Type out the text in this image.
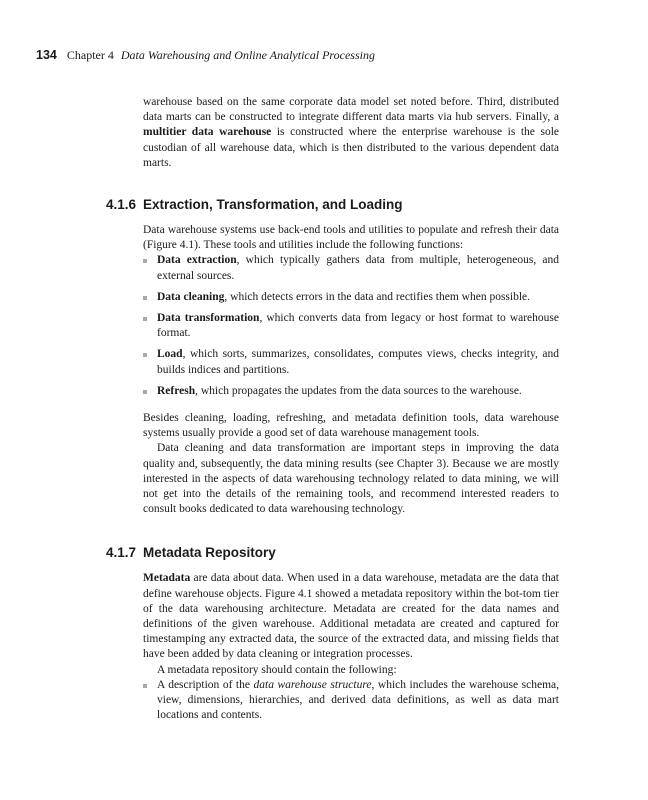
134 Chapter 4 Data Warehousing and Online Analytical Processing

warehouse based on the same corporate data model set noted before. Third, distributed data marts can be constructed to integrate different data marts via hub servers. Finally, a multitier data warehouse is constructed where the enterprise warehouse is the sole custodian of all warehouse data, which is then distributed to the various dependent data marts.

4.1.6 Extraction, Transformation, and Loading

Data warehouse systems use back-end tools and utilities to populate and refresh their data (Figure 4.1). These tools and utilities include the following functions:

Data extraction, which typically gathers data from multiple, heterogeneous, and external sources.
Data cleaning, which detects errors in the data and rectifies them when possible.
Data transformation, which converts data from legacy or host format to warehouse format.
Load, which sorts, summarizes, consolidates, computes views, checks integrity, and builds indices and partitions.
Refresh, which propagates the updates from the data sources to the warehouse.

Besides cleaning, loading, refreshing, and metadata definition tools, data warehouse systems usually provide a good set of data warehouse management tools.

Data cleaning and data transformation are important steps in improving the data quality and, subsequently, the data mining results (see Chapter 3). Because we are mostly interested in the aspects of data warehousing technology related to data mining, we will not get into the details of the remaining tools, and recommend interested readers to consult books dedicated to data warehousing technology.

4.1.7 Metadata Repository

Metadata are data about data. When used in a data warehouse, metadata are the data that define warehouse objects. Figure 4.1 showed a metadata repository within the bot-tom tier of the data warehousing architecture. Metadata are created for the data names and definitions of the given warehouse. Additional metadata are created and captured for timestamping any extracted data, the source of the extracted data, and missing fields that have been added by data cleaning or integration processes.

A metadata repository should contain the following:

A description of the data warehouse structure, which includes the warehouse schema, view, dimensions, hierarchies, and derived data definitions, as well as data mart locations and contents.
